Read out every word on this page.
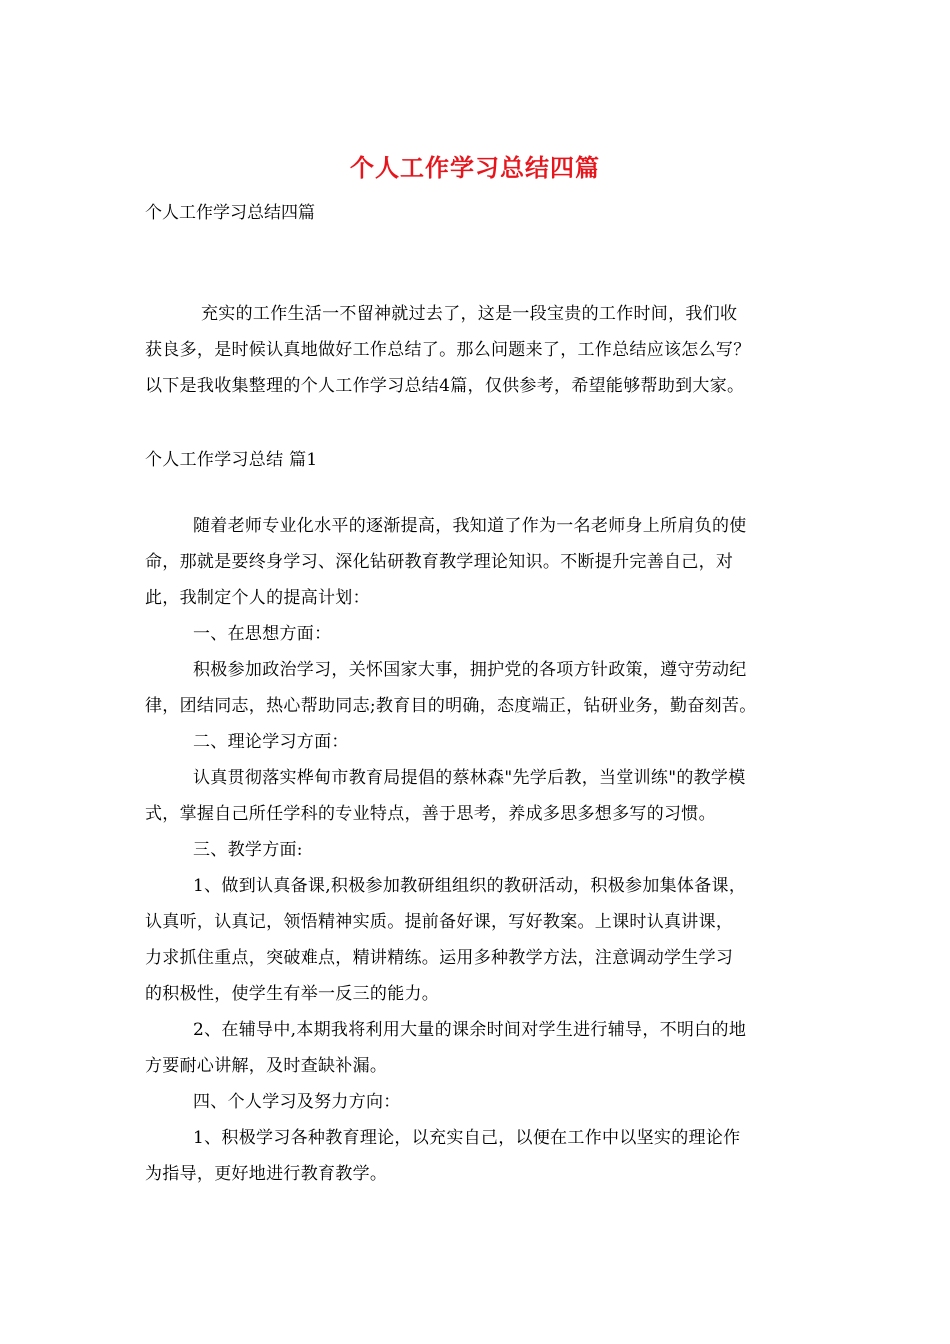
个人工作学习总结四篇
个人工作学习总结四篇
充实的工作生活一不留神就过去了，这是一段宝贵的工作时间，我们收
获良多，是时候认真地做好工作总结了。那么问题来了，工作总结应该怎么写？
以下是我收集整理的个人工作学习总结4篇，仅供参考，希望能够帮助到大家。
个人工作学习总结 篇1
随着老师专业化水平的逐渐提高，我知道了作为一名老师身上所肩负的使
命，那就是要终身学习、深化钻研教育教学理论知识。不断提升完善自己，对
此，我制定个人的提高计划：
一、在思想方面：
积极参加政治学习，关怀国家大事，拥护党的各项方针政策，遵守劳动纪
律，团结同志，热心帮助同志;教育目的明确，态度端正，钻研业务，勤奋刻苦。
二、理论学习方面：
认真贯彻落实桦甸市教育局提倡的蔡林森"先学后教，当堂训练"的教学模
式，掌握自己所任学科的专业特点，善于思考，养成多思多想多写的习惯。
三、教学方面:
1、做到认真备课,积极参加教研组组织的教研活动，积极参加集体备课，
认真听，认真记，领悟精神实质。提前备好课，写好教案。上课时认真讲课，
力求抓住重点，突破难点，精讲精练。运用多种教学方法，注意调动学生学习
的积极性，使学生有举一反三的能力。
2、在辅导中,本期我将利用大量的课余时间对学生进行辅导，不明白的地
方要耐心讲解，及时查缺补漏。
四、个人学习及努力方向：
1、积极学习各种教育理论，以充实自己，以便在工作中以坚实的理论作
为指导，更好地进行教育教学。
